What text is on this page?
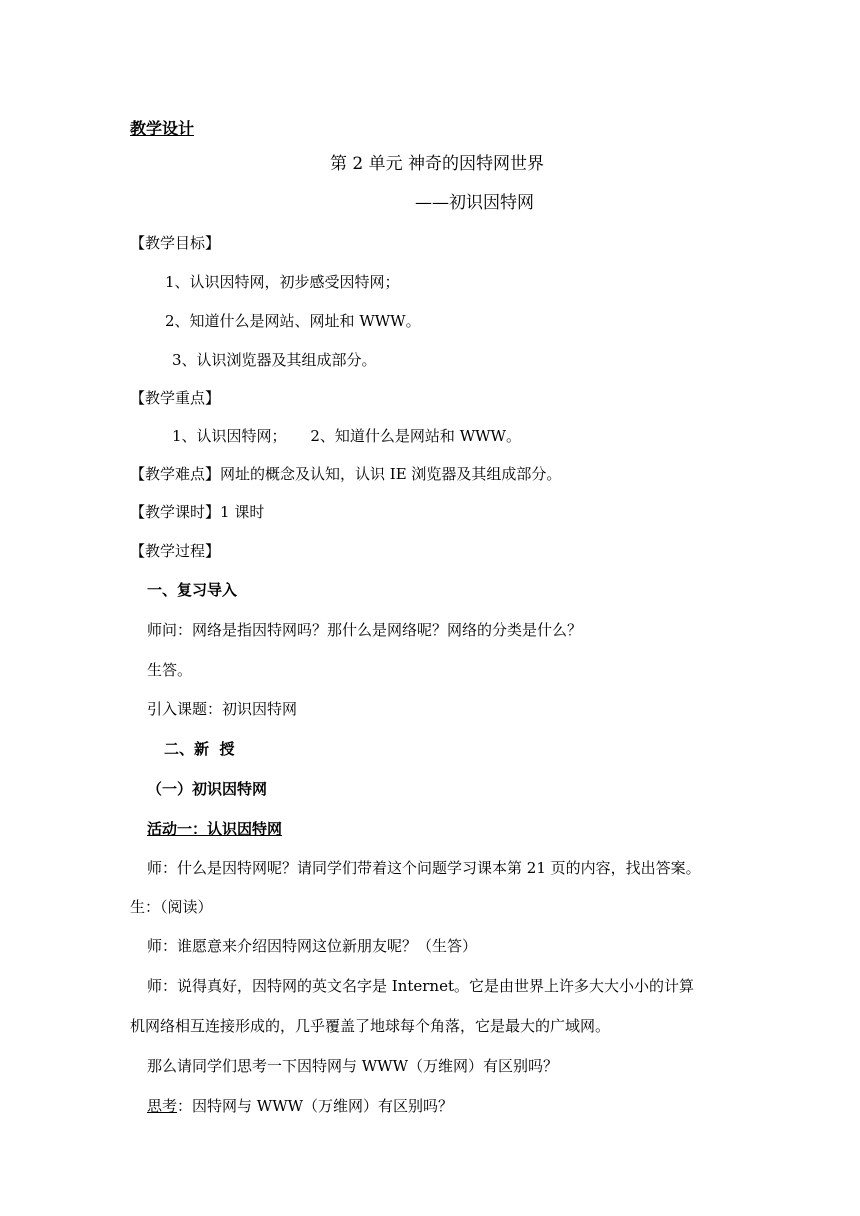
教学设计
第 2 单元 神奇的因特网世界
——初识因特网
【教学目标】
1、认识因特网，初步感受因特网；
2、知道什么是网站、网址和 WWW。
3、认识浏览器及其组成部分。
【教学重点】
1、认识因特网；     2、知道什么是网站和 WWW。
【教学难点】网址的概念及认知，认识 IE 浏览器及其组成部分。
【教学课时】1 课时
【教学过程】
一、复习导入
师问：网络是指因特网吗？那什么是网络呢？网络的分类是什么？
生答。
引入课题：初识因特网
二、新  授
（一）初识因特网
活动一：认识因特网
师：什么是因特网呢？请同学们带着这个问题学习课本第 21 页的内容，找出答案。
生：（阅读）
师：谁愿意来介绍因特网这位新朋友呢？（生答）
师：说得真好，因特网的英文名字是 Internet。它是由世界上许多大大小小的计算
机网络相互连接形成的，几乎覆盖了地球每个角落，它是最大的广域网。
那么请同学们思考一下因特网与 WWW（万维网）有区别吗？
思考：因特网与 WWW（万维网）有区别吗？
